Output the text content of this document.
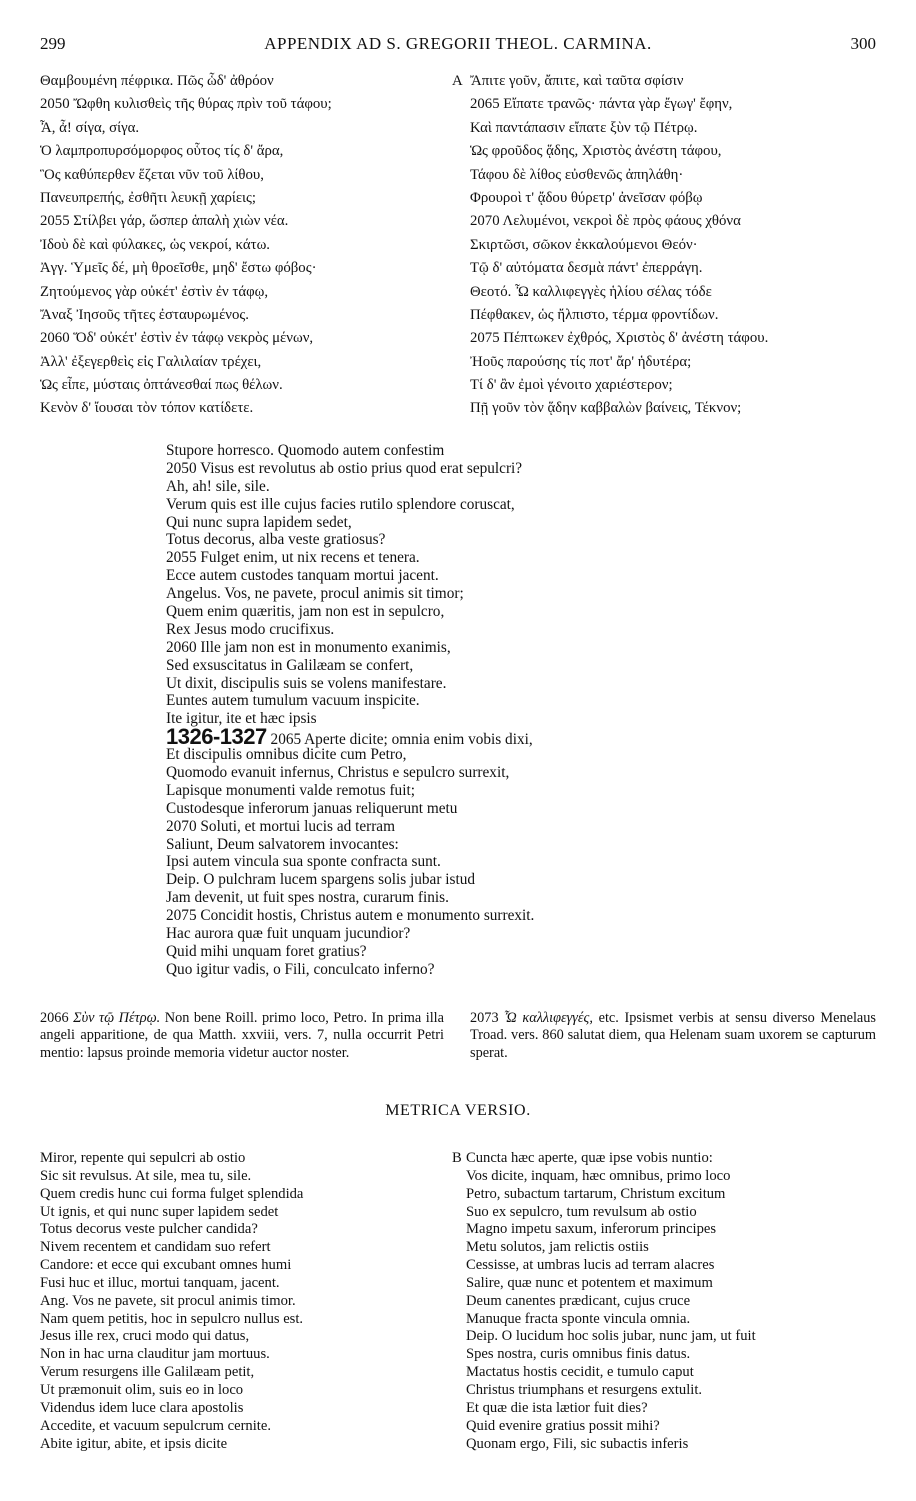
299	APPENDIX AD S. GREGORII THEOL. CARMINA.	300
Θαμβουμένη πέφρικα. Πῶς ὧδ' ἀθρόον
2050 Ὤφθη κυλισθεὶς τῆς θύρας πρὶν τοῦ τάφου;
Ἆ, ἆ! σίγα, σίγα.
Ὁ λαμπροπυρσόμορφος οὗτος τίς δ' ἄρα,
Ὃς καθύπερθεν ἕζεται νῦν τοῦ λίθου,
Πανευπρεπής, ἐσθῆτι λευκῇ χαρίεις;
2055 Στίλβει γάρ, ὥσπερ ἁπαλὴ χιὼν νέα.
Ἰδοὺ δὲ καὶ φύλακες, ὡς νεκροί, κάτω.
Ἀγγ. Ὑμεῖς δέ, μὴ θροεῖσθε, μηδ' ἔστω φόβος·
Ζητούμενος γὰρ οὐκέτ' ἐστὶν ἐν τάφῳ,
Ἄναξ Ἰησοῦς τῆτες ἐσταυρωμένος.
2060 Ὅδ' οὐκέτ' ἐστὶν ἐν τάφῳ νεκρὸς μένων,
Ἀλλ' ἐξεγερθεὶς εἰς Γαλιλαίαν τρέχει,
Ὡς εἶπε, μύσταις ὀπτάνεσθαί πως θέλων.
Κενὸν δ' ἴουσαι τὸν τόπον κατίδετε.
A Ἄπιτε γοῦν, ἄπιτε, καὶ ταῦτα σφίσιν
2065 Εἴπατε τρανῶς· πάντα γὰρ ἔγωγ' ἔφην,
Καὶ παντάπασιν εἴπατε ξὺν τῷ Πέτρῳ.
Ὡς φροῦδος ᾅδης, Χριστὸς ἀνέστη τάφου,
Τάφου δὲ λίθος εὐσθενῶς ἀπηλάθη·
Φρουροὶ τ' ᾄδου θύρετρ' ἀνεῖσαν φόβῳ
2070 Λελυμένοι, νεκροὶ δὲ πρὸς φάους χθόνα
Σκιρτῶσι, σῶκον ἐκκαλούμενοι Θεόν·
Τῷ δ' αὐτόματα δεσμὰ πάντ' ἐπερράγη.
Θεοτό. Ὦ καλλιφεγγὲς ἡλίου σέλας τόδε
Πέφθακεν, ὡς ἤλπιστο, τέρμα φροντίδων.
2075 Πέπτωκεν ἐχθρός, Χριστὸς δ' ἀνέστη τάφου.
Ἠοῦς παρούσης τίς ποτ' ἄρ' ἡδυτέρα;
Τί δ' ἂν ἐμοὶ γένοιτο χαριέστερον;
Πῇ γοῦν τὸν ᾅδην καββαλὼν βαίνεις, Τέκνον;
Stupore horresco. Quomodo autem confestim
2050 Visus est revolutus ab ostio prius quod erat sepulcri?
Ah, ah! sile, sile.
Verum quis est ille cujus facies rutilo splendore coruscat,
Qui nunc supra lapidem sedet,
Totus decorus, alba veste gratiosus?
2055 Fulget enim, ut nix recens et tenera.
Ecce autem custodes tanquam mortui jacent.
Angelus. Vos, ne pavete, procul animis sit timor;
Quem enim quæritis, jam non est in sepulcro,
Rex Jesus modo crucifixus.
2060 Ille jam non est in monumento exanimis,
Sed exsuscitatus in Galilæam se confert,
Ut dixit, discipulis suis se volens manifestare.
Euntes autem tumulum vacuum inspicite.
Ite igitur, ite et hæc ipsis
1326-1327 2065 Aperte dicite; omnia enim vobis dixi,
Et discipulis omnibus dicite cum Petro,
Quomodo evanuit infernus, Christus e sepulcro surrexit,
Lapisque monumenti valde remotus fuit;
Custodesque inferorum januas reliquerunt metu
2070 Soluti, et mortui lucis ad terram
Saliunt, Deum salvatorem invocantes:
Ipsi autem vincula sua sponte confracta sunt.
Deip. O pulchram lucem spargens solis jubar istud
Jam devenit, ut fuit spes nostra, curarum finis.
2075 Concidit hostis, Christus autem e monumento surrexit.
Hac aurora quæ fuit unquam jucundior?
Quid mihi unquam foret gratius?
Quo igitur vadis, o Fili, conculcato inferno?
2066 Σὺν τῷ Πέτρῳ. Non bene Roill. primo loco, Petro. In prima illa angeli apparitione, de qua Matth. xxviii, vers. 7, nulla occurrit Petri mentio: lapsus proinde memoria videtur auctor noster.
2073 Ὦ καλλιφεγγές, etc. Ipsismet verbis at sensu diverso Menelaus Troad. vers. 860 salutat diem, qua Helenam suam uxorem se capturum sperat.
METRICA VERSIO.
Miror, repente qui sepulcri ab ostio
Sic sit revulsus. At sile, mea tu, sile.
Quem credis hunc cui forma fulget splendida
Ut ignis, et qui nunc super lapidem sedet
Totus decorus veste pulcher candida?
Nivem recentem et candidam suo refert
Candore: et ecce qui excubant omnes humi
Fusi huc et illuc, mortui tanquam, jacent.
Ang. Vos ne pavete, sit procul animis timor.
Nam quem petitis, hoc in sepulcro nullus est.
Jesus ille rex, cruci modo qui datus,
Non in hac urna clauditur jam mortuus.
Verum resurgens ille Galilæam petit,
Ut præmonuit olim, suis eo in loco
Videndus idem luce clara apostolis
Accedite, et vacuum sepulcrum cernite.
Abite igitur, abite, et ipsis dicite
B Cuncta hæc aperte, quæ ipse vobis nuntio:
Vos dicite, inquam, hæc omnibus, primo loco
Petro, subactum tartarum, Christum excitum
Suo ex sepulcro, tum revulsum ab ostio
Magno impetu saxum, inferorum principes
Metu solutos, jam relictis ostiis
Cessisse, at umbras lucis ad terram alacres
Salire, quæ nunc et potentem et maximum
Deum canentes prædicant, cujus cruce
Manuque fracta sponte vincula omnia.
Deip. O lucidum hoc solis jubar, nunc jam, ut fuit
Spes nostra, curis omnibus finis datus.
Mactatus hostis cecidit, e tumulo caput
Christus triumphans et resurgens extulit.
Et quæ die ista lætior fuit dies?
Quid evenire gratius possit mihi?
Quonam ergo, Fili, sic subactis inferis
